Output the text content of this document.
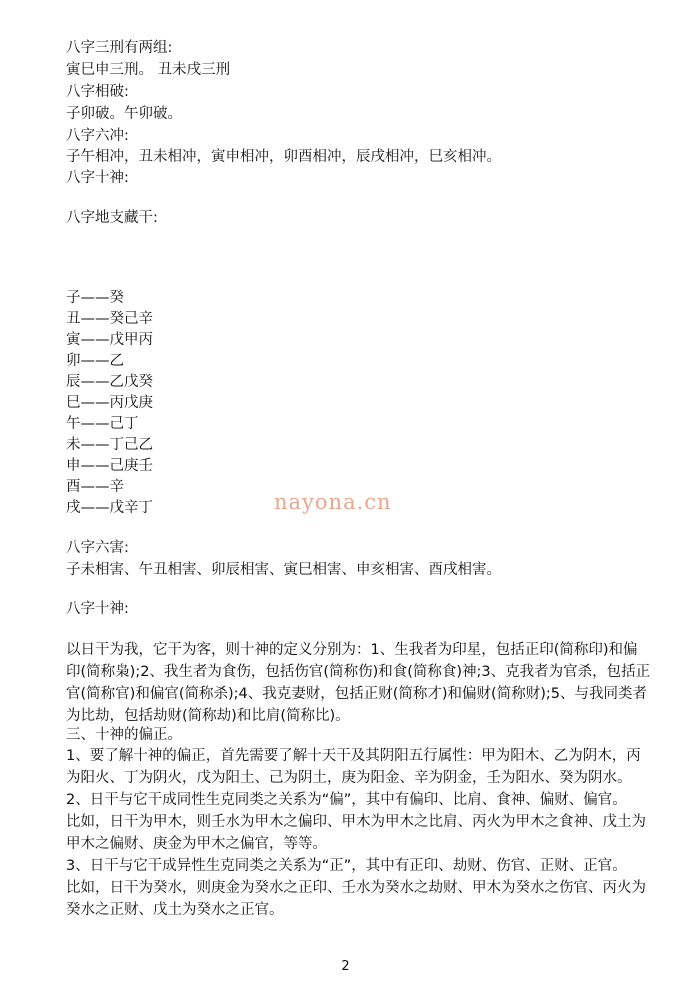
八字三刑有两组:
寅巳申三刑。 丑未戌三刑
八字相破:
子卯破。午卯破。
八字六冲:
子午相冲，丑未相冲，寅申相冲，卯酉相冲，辰戌相冲，巳亥相冲。
八字十神:
八字地支藏干:
子——癸
丑——癸己辛
寅——戊甲丙
卯——乙
辰——乙戊癸
巳——丙戊庚
午——己丁
未——丁己乙
申——己庚壬
酉——辛
戌——戊辛丁
八字六害:
子未相害、午丑相害、卯辰相害、寅巳相害、申亥相害、酉戌相害。
八字十神:
以日干为我，它干为客，则十神的定义分别为：1、生我者为印星，包括正印(简称印)和偏
印(简称枭);2、我生者为食伤，包括伤官(简称伤)和食(简称食)神;3、克我者为官杀，包括正
官(简称官)和偏官(简称杀);4、我克妻财，包括正财(简称才)和偏财(简称财);5、与我同类者
为比劫，包括劫财(简称劫)和比肩(简称比)。
三、十神的偏正。
1、要了解十神的偏正，首先需要了解十天干及其阴阳五行属性：甲为阳木、乙为阴木，丙
为阳火、丁为阴火，戊为阳土、己为阴土，庚为阳金、辛为阴金，壬为阳水、癸为阴水。
2、日干与它干成同性生克同类之关系为“偏”，其中有偏印、比肩、食神、偏财、偏官。
比如，日干为甲木，则壬水为甲木之偏印、甲木为甲木之比肩、丙火为甲木之食神、戊土为
甲木之偏财、庚金为甲木之偏官，等等。
3、日干与它干成异性生克同类之关系为“正”，其中有正印、劫财、伤官、正财、正官。
比如，日干为癸水，则庚金为癸水之正印、壬水为癸水之劫财、甲木为癸水之伤官、丙火为
癸水之正财、戊土为癸水之正官。
nayona.cn
2
